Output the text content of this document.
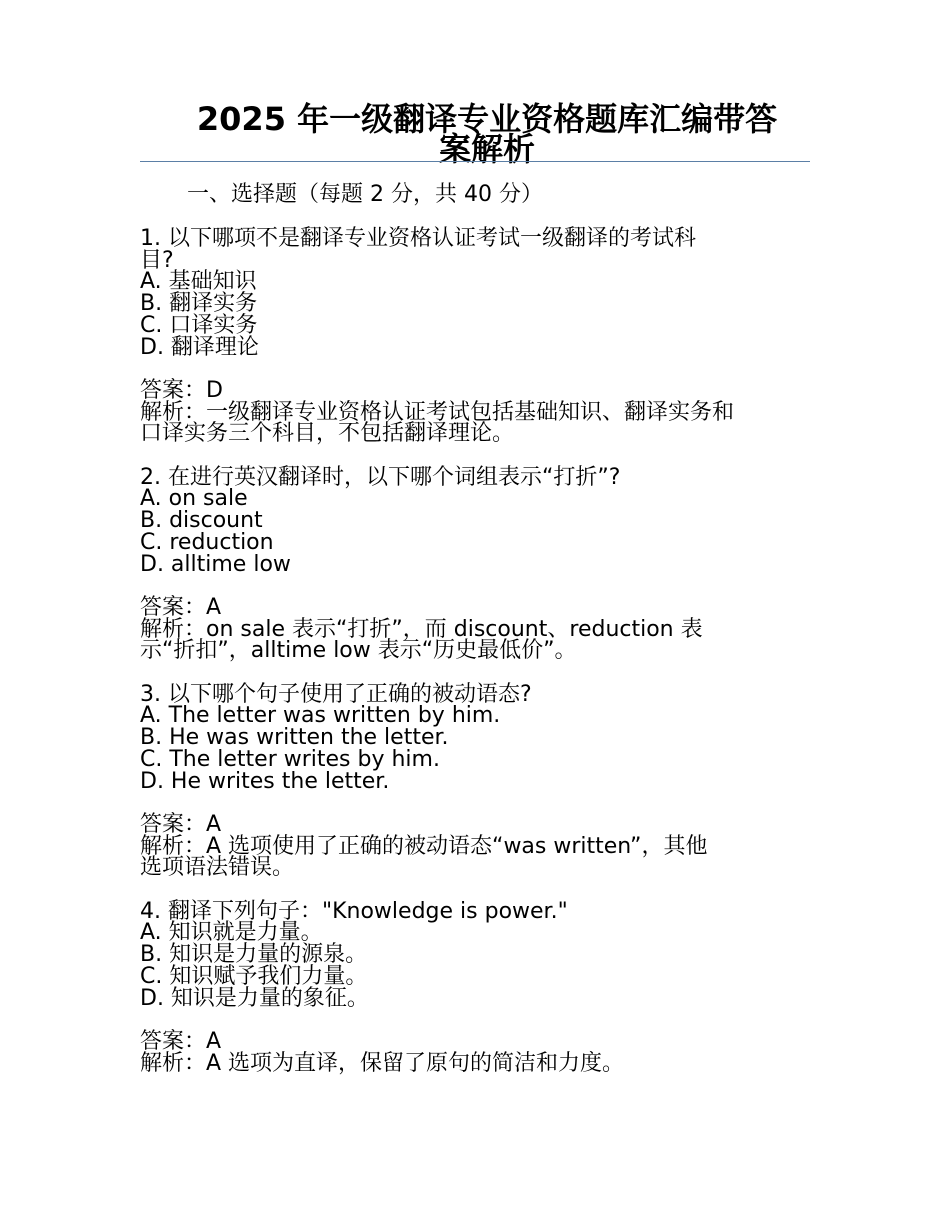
2025 年一级翻译专业资格题库汇编带答
案解析
一、选择题（每题 2 分，共 40 分）
1. 以下哪项不是翻译专业资格认证考试一级翻译的考试科
目?
A. 基础知识
B. 翻译实务
C. 口译实务
D. 翻译理论
答案：D
解析：一级翻译专业资格认证考试包括基础知识、翻译实务和
口译实务三个科目，不包括翻译理论。
2. 在进行英汉翻译时，以下哪个词组表示“打折”?
A. on sale
B. discount
C. reduction
D. alltime low
答案：A
解析：on sale 表示“打折”，而 discount、reduction 表
示“折扣”，alltime low 表示“历史最低价”。
3. 以下哪个句子使用了正确的被动语态?
A. The letter was written by him.
B. He was written the letter.
C. The letter writes by him.
D. He writes the letter.
答案：A
解析：A 选项使用了正确的被动语态“was written”，其他
选项语法错误。
4. 翻译下列句子："Knowledge is power."
A. 知识就是力量。
B. 知识是力量的源泉。
C. 知识赋予我们力量。
D. 知识是力量的象征。
答案：A
解析：A 选项为直译，保留了原句的简洁和力度。
